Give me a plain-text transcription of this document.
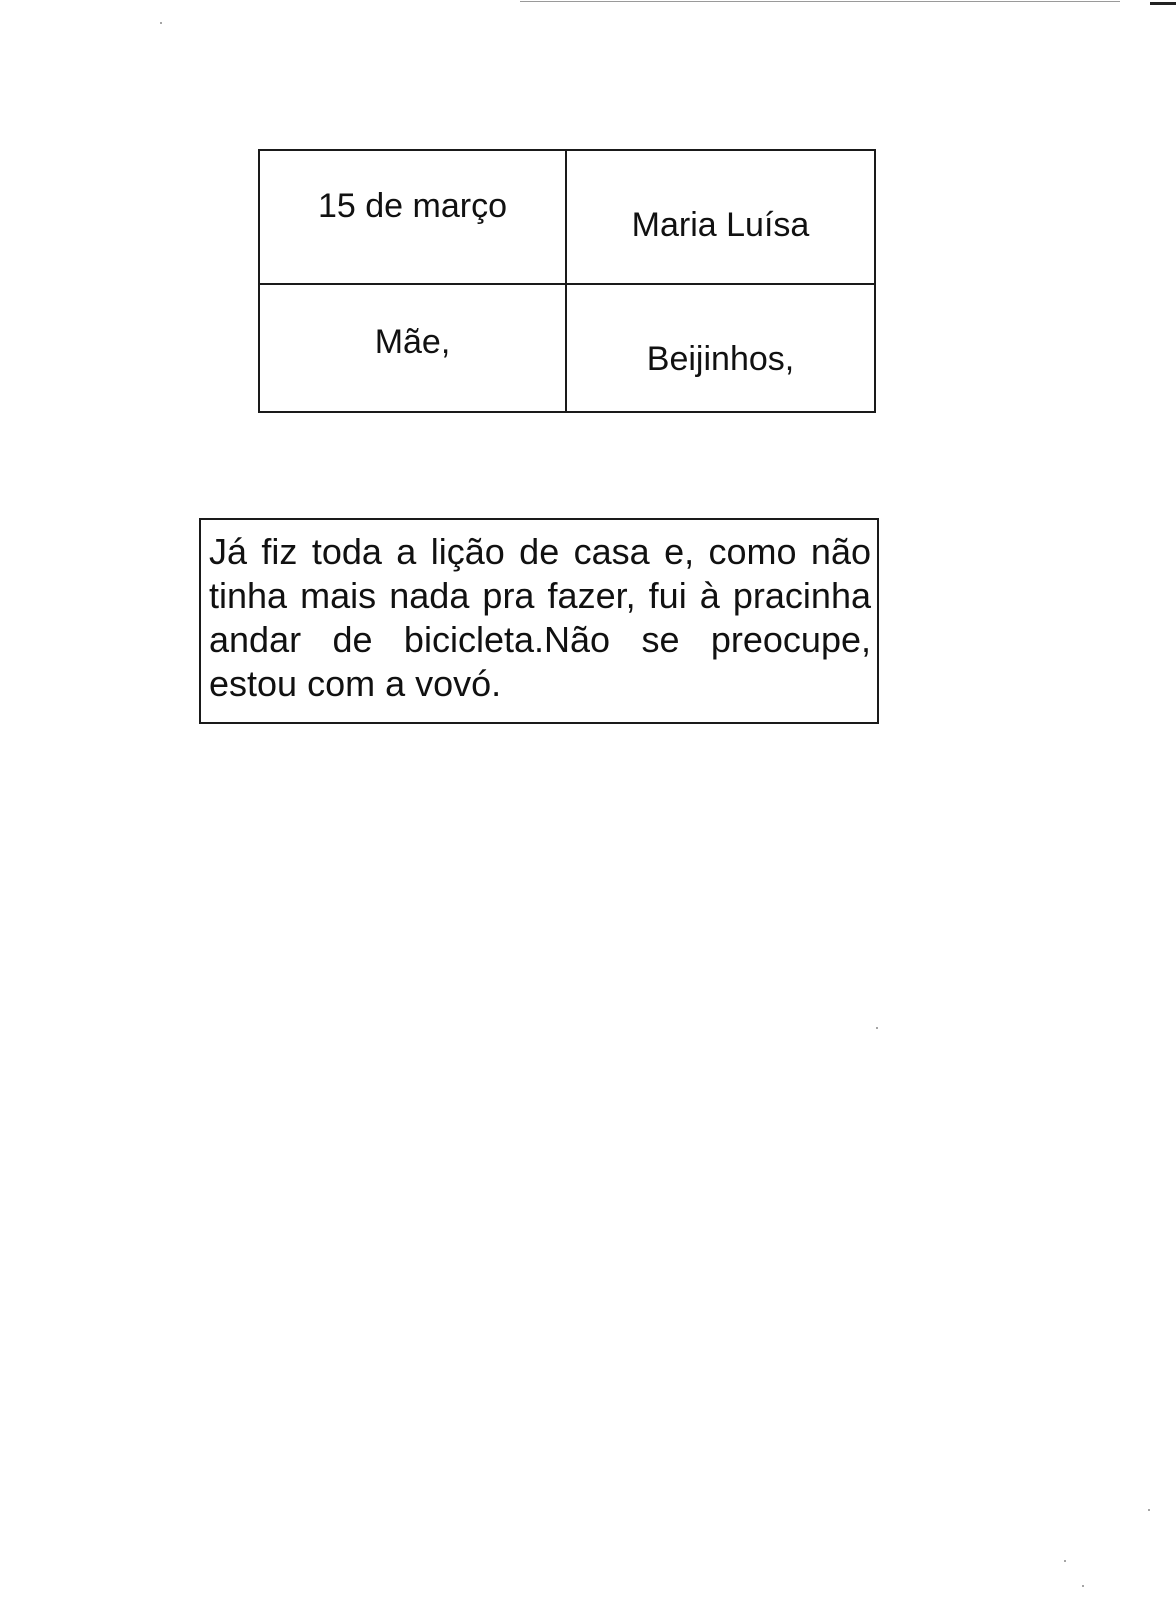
15 de março	Maria Luísa
Mãe,	Beijinhos,

Já fiz toda a lição de casa e, como não tinha mais nada pra fazer, fui à pracinha andar de bicicleta.Não se preocupe, estou com a vovó.
